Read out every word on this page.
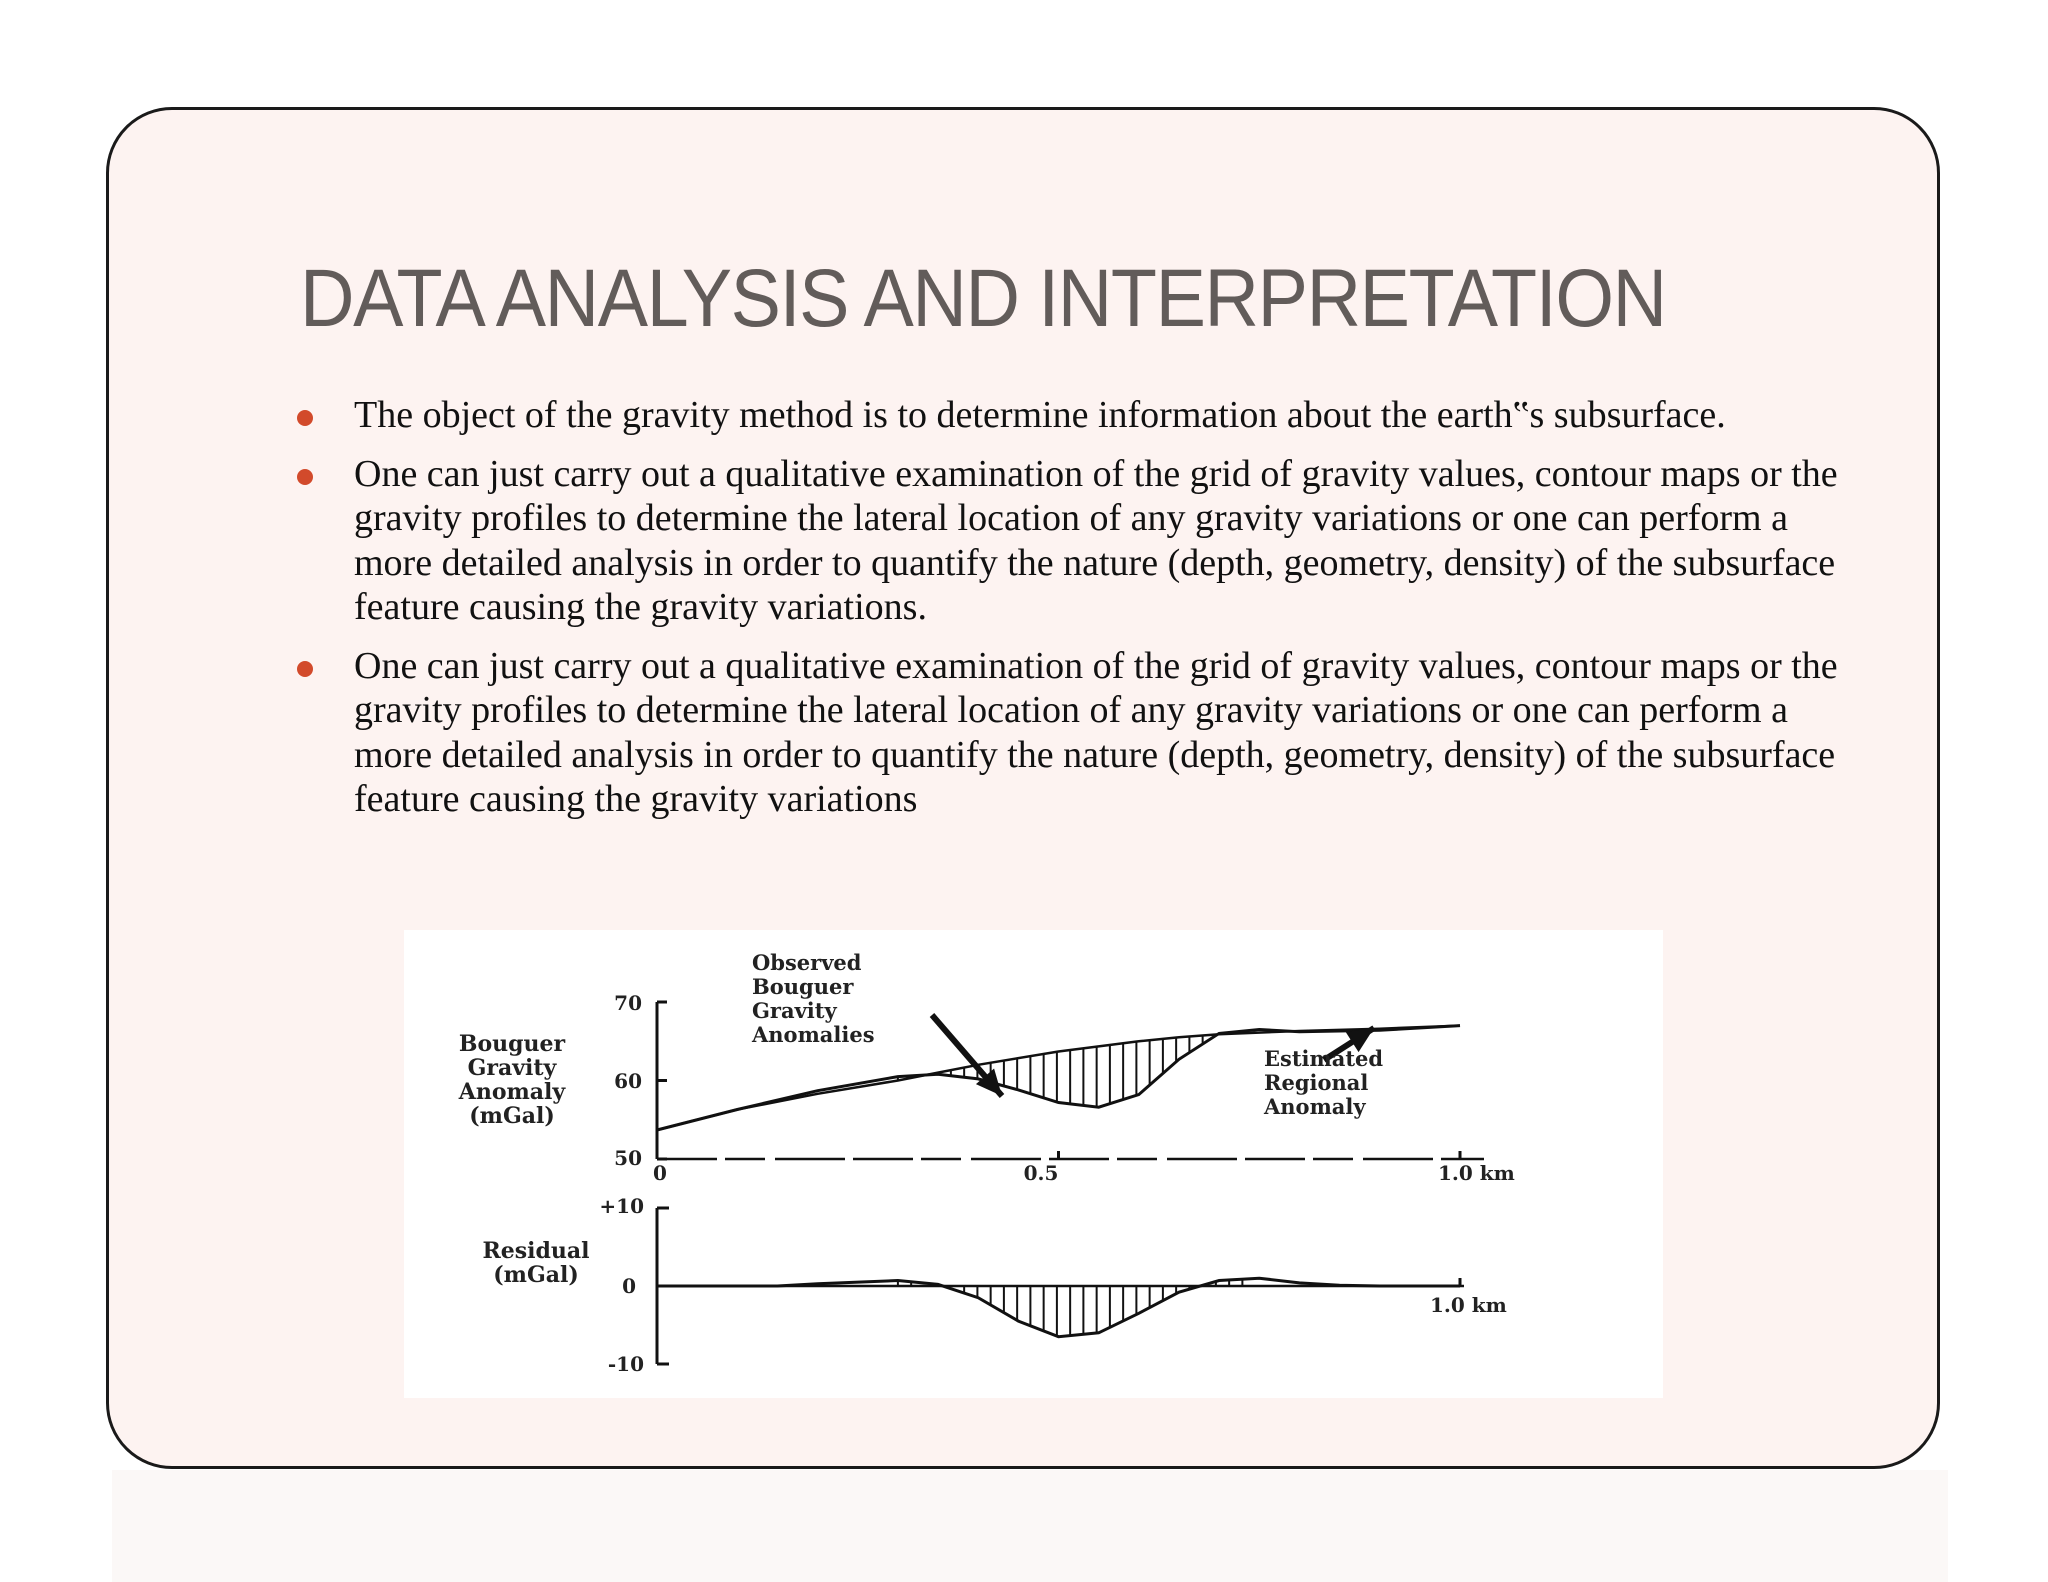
DATA ANALYSIS AND INTERPRETATION
The object of the gravity method is to determine information about the earth‟s subsurface.
One can just carry out a qualitative examination of the grid of gravity values, contour maps or the gravity profiles to determine the lateral location of any gravity variations or one can perform a more detailed analysis in order to quantify the nature (depth, geometry, density) of the subsurface feature causing the gravity variations.
One can just carry out a qualitative examination of the grid of gravity values, contour maps or the gravity profiles to determine the lateral location of any gravity variations or one can perform a more detailed analysis in order to quantify the nature (depth, geometry, density) of the subsurface feature causing the gravity variations
Bouguer
Gravity
Anomaly
(mGal)
70
60
50
0	0.5	1.0 km
Observed
Bouguer
Gravity
Anomalies
Estimated
Regional
Anomaly
Residual
(mGal)
+10
0
-10
1.0 km
